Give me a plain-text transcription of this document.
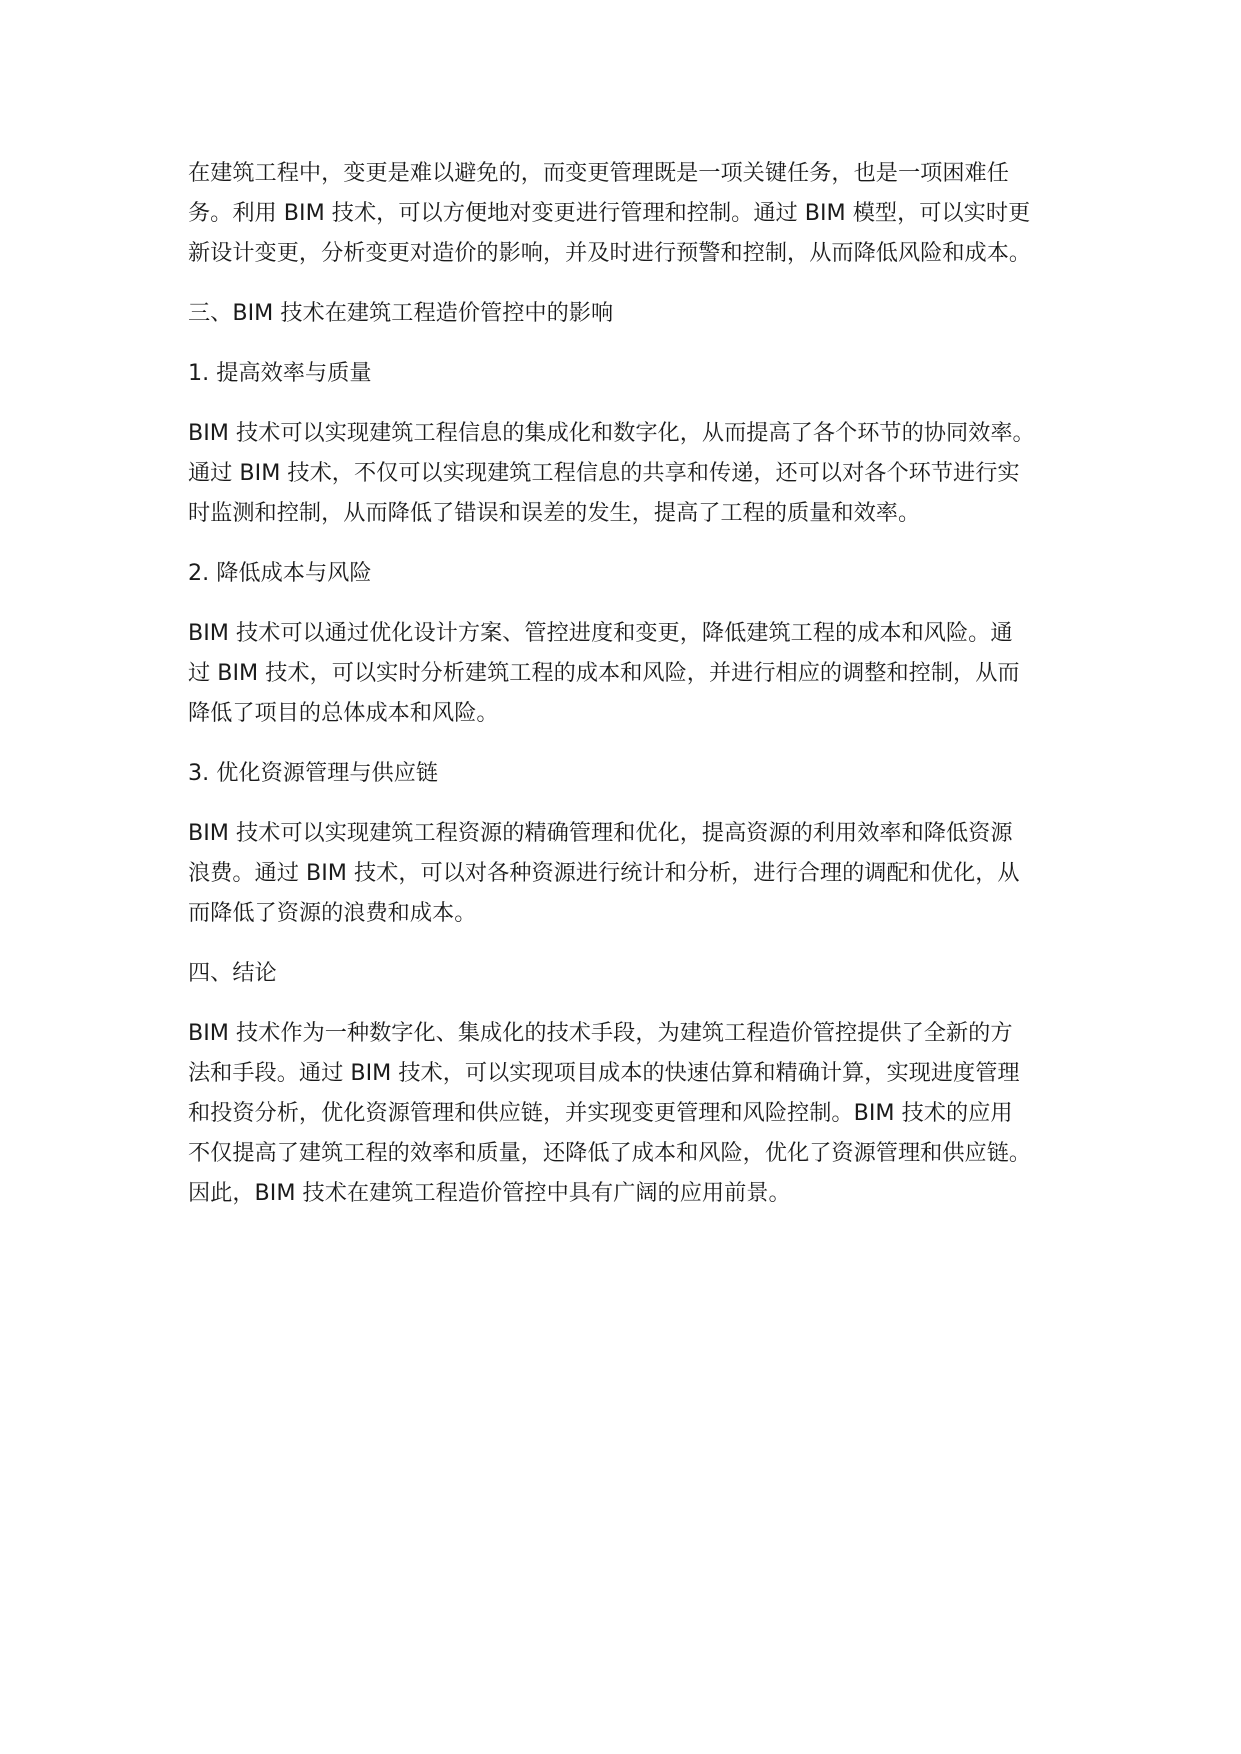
在建筑工程中，变更是难以避免的，而变更管理既是一项关键任务，也是一项困难任

务。利用 BIM 技术，可以方便地对变更进行管理和控制。通过 BIM 模型，可以实时更

新设计变更，分析变更对造价的影响，并及时进行预警和控制，从而降低风险和成本。

三、BIM 技术在建筑工程造价管控中的影响

1. 提高效率与质量

BIM 技术可以实现建筑工程信息的集成化和数字化，从而提高了各个环节的协同效率。

通过 BIM 技术，不仅可以实现建筑工程信息的共享和传递，还可以对各个环节进行实

时监测和控制，从而降低了错误和误差的发生，提高了工程的质量和效率。

2. 降低成本与风险

BIM 技术可以通过优化设计方案、管控进度和变更，降低建筑工程的成本和风险。通

过 BIM 技术，可以实时分析建筑工程的成本和风险，并进行相应的调整和控制，从而

降低了项目的总体成本和风险。

3. 优化资源管理与供应链

BIM 技术可以实现建筑工程资源的精确管理和优化，提高资源的利用效率和降低资源

浪费。通过 BIM 技术，可以对各种资源进行统计和分析，进行合理的调配和优化，从

而降低了资源的浪费和成本。

四、结论

BIM 技术作为一种数字化、集成化的技术手段，为建筑工程造价管控提供了全新的方

法和手段。通过 BIM 技术，可以实现项目成本的快速估算和精确计算，实现进度管理

和投资分析，优化资源管理和供应链，并实现变更管理和风险控制。BIM 技术的应用

不仅提高了建筑工程的效率和质量，还降低了成本和风险，优化了资源管理和供应链。

因此，BIM 技术在建筑工程造价管控中具有广阔的应用前景。
